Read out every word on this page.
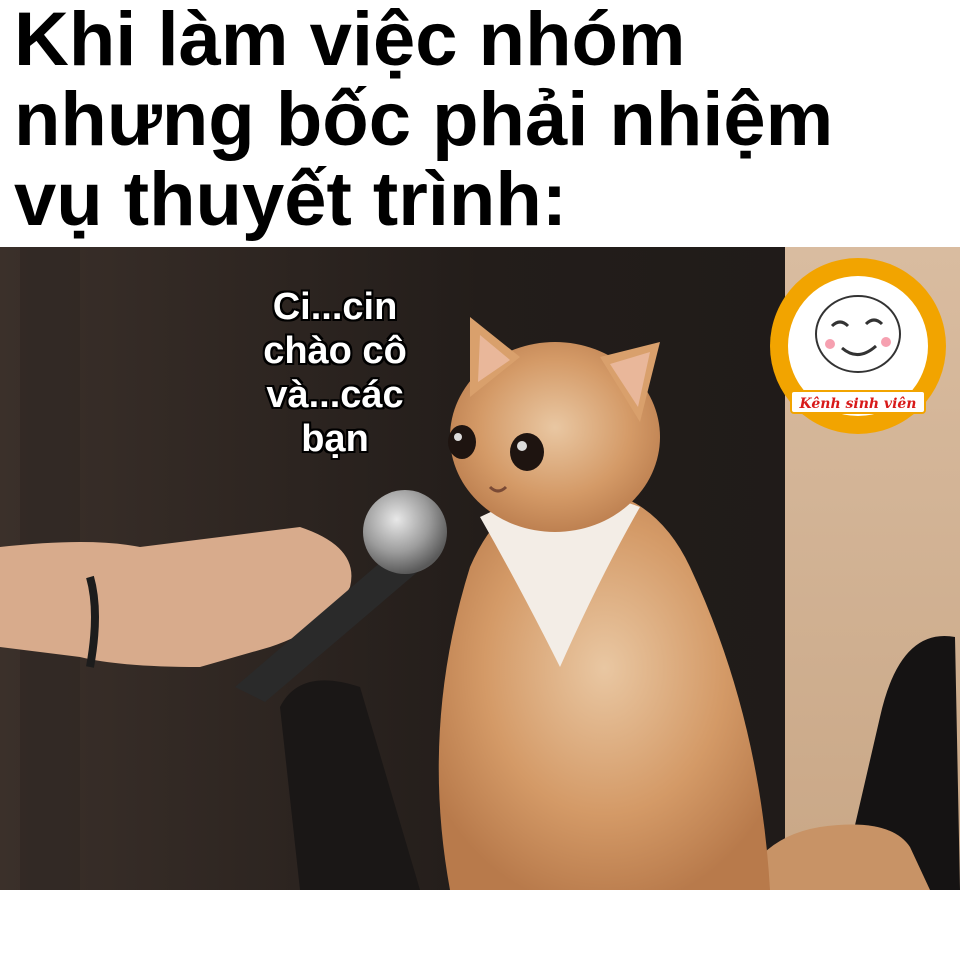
Khi làm việc nhóm
nhưng bốc phải nhiệm
vụ thuyết trình:

Ci...cin
chào cô
và...các
bạn

Kênh sinh viên
